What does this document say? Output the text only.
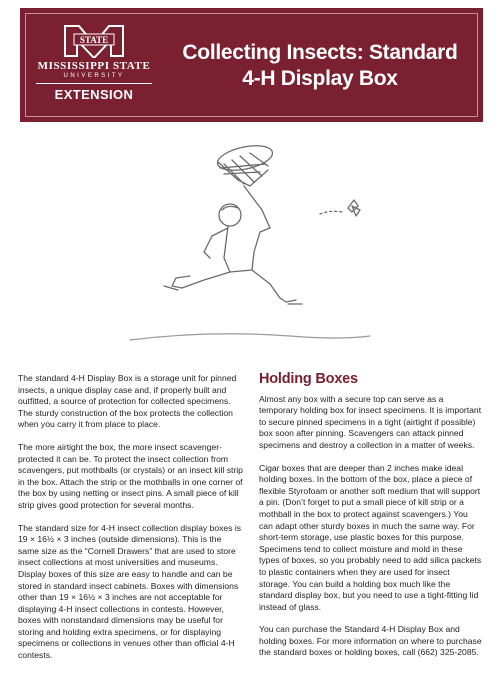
STATE
MISSISSIPPI STATE
UNIVERSITY
EXTENSION
Collecting Insects: Standard
4-H Display Box

The standard 4-H Display Box is a storage unit for pinned insects, a unique display case and, if properly built and outfitted, a source of protection for collected specimens. The sturdy construction of the box protects the collection when you carry it from place to place.

The more airtight the box, the more insect scavenger-protected it can be. To protect the insect collection from scavengers, put mothballs (or crystals) or an insect kill strip in the box. Attach the strip or the mothballs in one corner of the box by using netting or insect pins. A small piece of kill strip gives good protection for several months.

The standard size for 4-H insect collection display boxes is 19 × 16½ × 3 inches (outside dimensions). This is the same size as the “Cornell Drawers” that are used to store insect collections at most universities and museums. Display boxes of this size are easy to handle and can be stored in standard insect cabinets. Boxes with dimensions other than 19 × 16½ × 3 inches are not acceptable for displaying 4-H insect collections in contests. However, boxes with nonstandard dimensions may be useful for storing and holding extra specimens, or for displaying specimens or collections in venues other than official 4-H contests.

Holding Boxes

Almost any box with a secure top can serve as a temporary holding box for insect specimens. It is important to secure pinned specimens in a tight (airtight if possible) box soon after pinning. Scavengers can attack pinned specimens and destroy a collection in a matter of weeks.

Cigar boxes that are deeper than 2 inches make ideal holding boxes. In the bottom of the box, place a piece of flexible Styrofoam or another soft medium that will support a pin. (Don’t forget to put a small piece of kill strip or a mothball in the box to protect against scavengers.) You can adapt other sturdy boxes in much the same way. For short-term storage, use plastic boxes for this purpose. Specimens tend to collect moisture and mold in these types of boxes, so you probably need to add silica packets to plastic containers when they are used for insect storage. You can build a holding box much like the standard display box, but you need to use a tight-fitting lid instead of glass.

You can purchase the Standard 4-H Display Box and holding boxes. For more information on where to purchase the standard boxes or holding boxes, call (662) 325-2085.
